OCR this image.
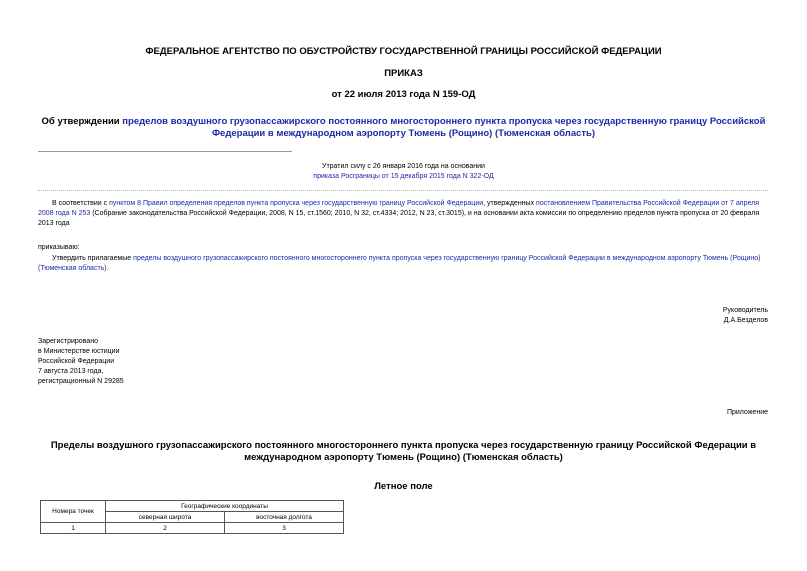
ФЕДЕРАЛЬНОЕ АГЕНТСТВО ПО ОБУСТРОЙСТВУ ГОСУДАРСТВЕННОЙ ГРАНИЦЫ РОССИЙСКОЙ ФЕДЕРАЦИИ
ПРИКАЗ
от 22 июля 2013 года N 159-ОД
Об утверждении пределов воздушного грузопассажирского постоянного многостороннего пункта пропуска через государственную границу Российской
Федерации в международном аэропорту Тюмень (Рощино) (Тюменская область)
Утратил силу с 26 января 2016 года на основании
приказа Росграницы от 15 декабря 2015 года N 322-ОД
В соответствии с пунктом 8 Правил определения пределов пункта пропуска через государственную границу Российской Федерации, утвержденных постановлением Правительства Российской Федерации от 7 апреля 2008 года N 253 (Собрание законодательства Российской Федерации, 2008, N 15, ст.1560; 2010, N 32, ст.4334; 2012, N 23, ст.3015), и на основании акта комиссии по определению пределов пункта пропуска от 20 февраля 2013 года
приказываю:
Утвердить прилагаемые пределы воздушного грузопассажирского постоянного многостороннего пункта пропуска через государственную границу Российской Федерации в международном аэропорту Тюмень (Рощино) (Тюменская область).
Руководитель
Д.А.Безделов
Зарегистрировано
в Министерстве юстиции
Российской Федерации
7 августа 2013 года,
регистрационный N 29285
Приложение
Пределы воздушного грузопассажирского постоянного многостороннего пункта пропуска через государственную границу Российской Федерации в
международном аэропорту Тюмень (Рощино) (Тюменская область)
Летное поле
Номера точек	Географические координаты	
	северная широта	восточная долгота
1	2	3
